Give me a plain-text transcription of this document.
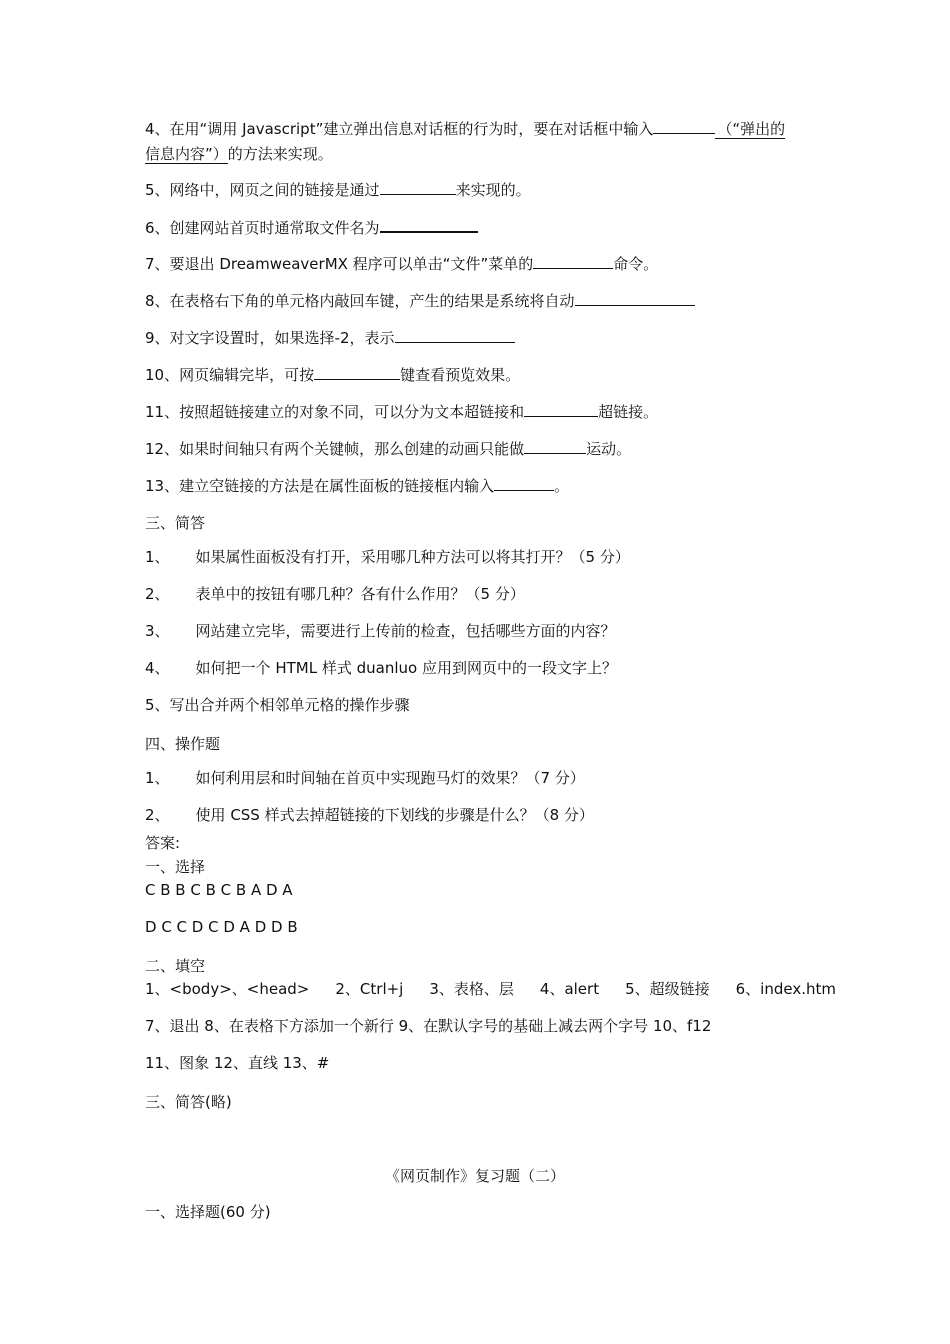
4、在用“调用 Javascript”建立弹出信息对话框的行为时，要在对话框中输入	（“弹出的
信息内容”）的方法来实现。
5、网络中，网页之间的链接是通过	来实现的。
6、创建网站首页时通常取文件名为
7、要退出 DreamweaverMX 程序可以单击“文件”菜单的	命令。
8、在表格右下角的单元格内敲回车键，产生的结果是系统将自动
9、对文字设置时，如果选择-2，表示
10、网页编辑完毕，可按	键查看预览效果。
11、按照超链接建立的对象不同，可以分为文本超链接和	超链接。
12、如果时间轴只有两个关键帧，那么创建的动画只能做	运动。
13、建立空链接的方法是在属性面板的链接框内输入	。
三、简答
1、 如果属性面板没有打开，采用哪几种方法可以将其打开？（5 分）
2、 表单中的按钮有哪几种？各有什么作用？（5 分）
3、 网站建立完毕，需要进行上传前的检查，包括哪些方面的内容？
4、 如何把一个 HTML 样式 duanluo 应用到网页中的一段文字上？
5、写出合并两个相邻单元格的操作步骤
四、操作题
1、 如何利用层和时间轴在首页中实现跑马灯的效果？（7 分）
2、 使用 CSS 样式去掉超链接的下划线的步骤是什么？（8 分）
答案:
一、选择
C B B C B C B A D A
D C C D C D A D D B
二、填空
1、<body>、<head> 2、Ctrl+j 3、表格、层 4、alert 5、超级链接 6、index.htm
7、退出 8、在表格下方添加一个新行 9、在默认字号的基础上减去两个字号 10、f12
11、图象 12、直线 13、#
三、简答(略)
《网页制作》复习题（二）
一、选择题(60 分)
